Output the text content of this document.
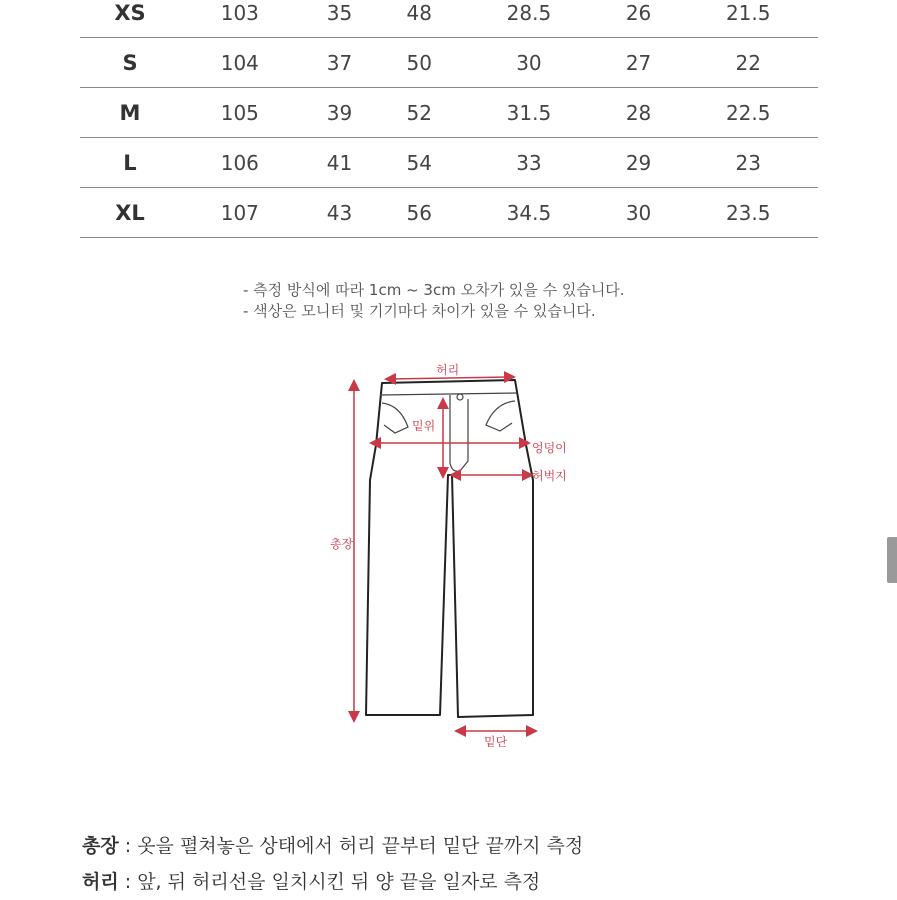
XS	103	35	48	28.5	26	21.5
S	104	37	50	30	27	22
M	105	39	52	31.5	28	22.5
L	106	41	54	33	29	23
XL	107	43	56	34.5	30	23.5
- 측정 방식에 따라 1cm ~ 3cm 오차가 있을 수 있습니다.
- 색상은 모니터 및 기기마다 차이가 있을 수 있습니다.
허리
밑위
엉덩이
허벅지
총장
밑단
총장 : 옷을 펼쳐놓은 상태에서 허리 끝부터 밑단 끝까지 측정
허리 : 앞, 뒤 허리선을 일치시킨 뒤 양 끝을 일자로 측정
